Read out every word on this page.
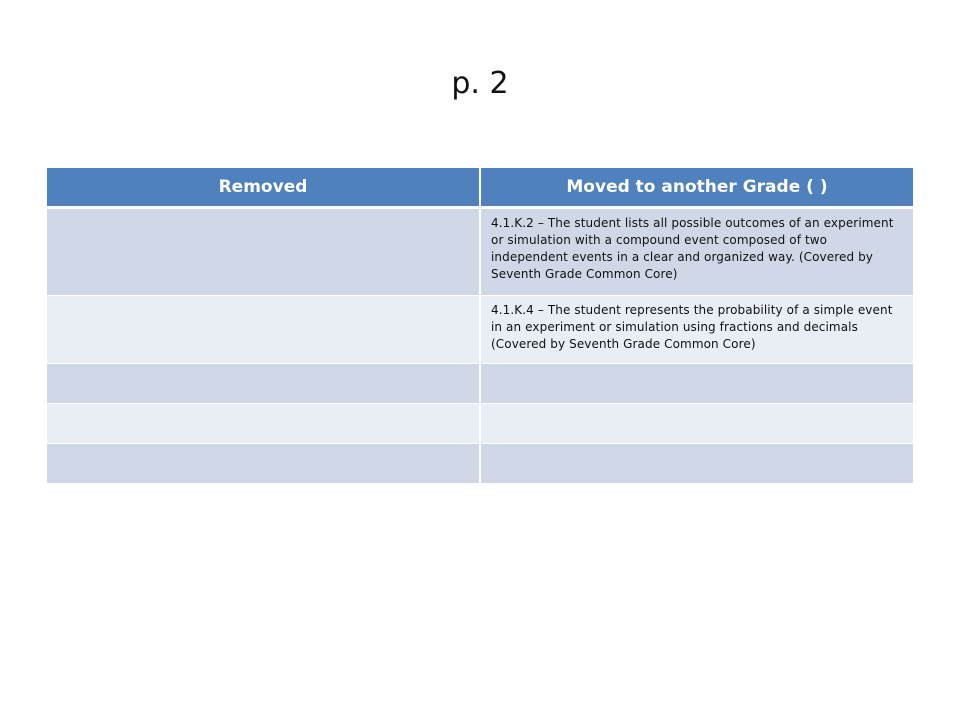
p. 2
Removed	Moved to another Grade ( )
	4.1.K.2 – The student lists all possible outcomes of an experiment or simulation with a compound event composed of two independent events in a clear and organized way. (Covered by Seventh Grade Common Core)
	4.1.K.4 – The student represents the probability of a simple event in an experiment or simulation using fractions and decimals (Covered by Seventh Grade Common Core)
